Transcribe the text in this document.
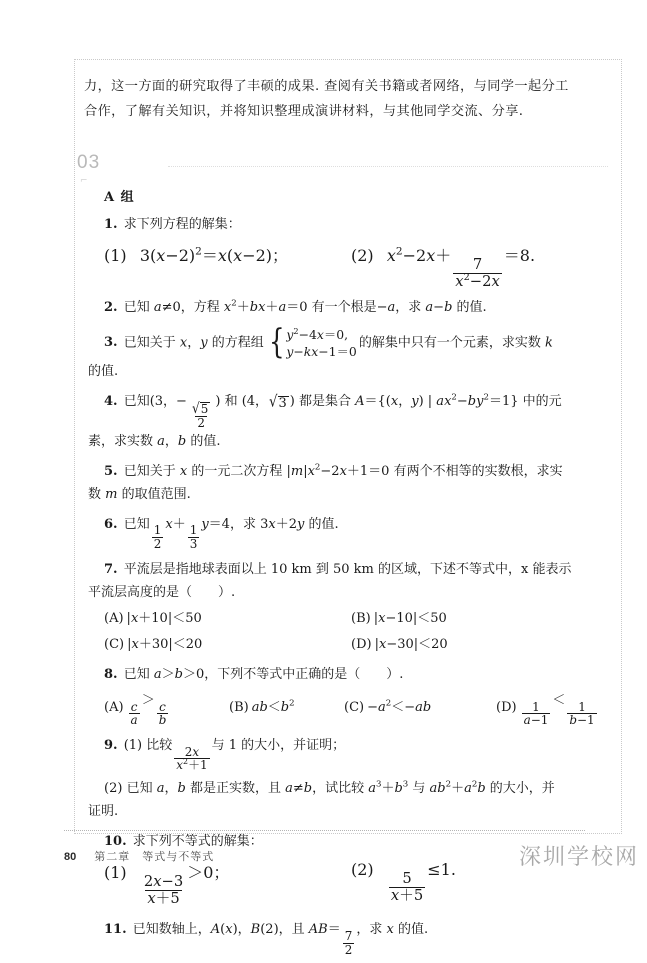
力，这一方面的研究取得了丰硕的成果. 查阅有关书籍或者网络，与同学一起分工
合作，了解有关知识，并将知识整理成演讲材料，与其他同学交流、分享.
03
⌐
A 组
1. 求下列方程的解集：
(1) $3(x-2)^2=x(x-2)$；	(2) $x^2-2x+$
$\frac{7}{x^2-2x}$
＝8.
2. 已知 a≠0，方程 $x^2+bx+a=0$ 有一个根是−a，求 a−b 的值.
3. 已知关于 x，y 的方程组 { $y^2-4x=0$,
y−kx−1＝0
的解集中只有一个元素，求实数 k
的值.
4. 已知(3，− $\frac{√ 5}{2}$ ) 和 (4， √ 3 ) 都是集合 A＝{(x，y) | $ax^2-by^2=1$} 中的元
素，求实数 a，b 的值.
5. 已知关于 x 的一元二次方程 $|m|x^2-2x+1=0$ 有两个不相等的实数根，求实
数 m 的取值范围.
6. 已知
$\frac{1}{2}$
x＋
$\frac{1}{3}$
y＝4，求 3x＋2y 的值.
7. 平流层是指地球表面以上 10 km 到 50 km 的区域，下述不等式中，x 能表示
平流层高度的是（　　）.
(A) |x＋10|＜50	(B) |x−10|＜50
(C) |x＋30|＜20	(D) |x−30|＜20
8. 已知 a＞b＞0，下列不等式中正确的是（　　）.
$(A) \frac{c}{a}$
＞
$\frac{c}{b}$	(B) $ab<b^2$	$(C) -a^2<-ab$	$(D) \frac{1}{a-1}$
＜
$\frac{1}{b-1}$
9. (1) 比较
$\frac{2x}{x^2+1}$
与 1 的大小，并证明；
(2) 已知 a，b 都是正实数，且 a≠b，试比较 $a^3+b^3$ 与 $ab^2+a^2b$ 的大小，并
证明.
10. 求下列不等式的解集：
(1)
$\frac{2x-3}{x+5}$
＞0；	(2)
$\frac{5}{x+5}$
≤1.
11. 已知数轴上，A(x)，B(2)，且 AB＝
$\frac{7}{2}$
，求 x 的值.
80 第二章　等式与不等式	深圳学校网
